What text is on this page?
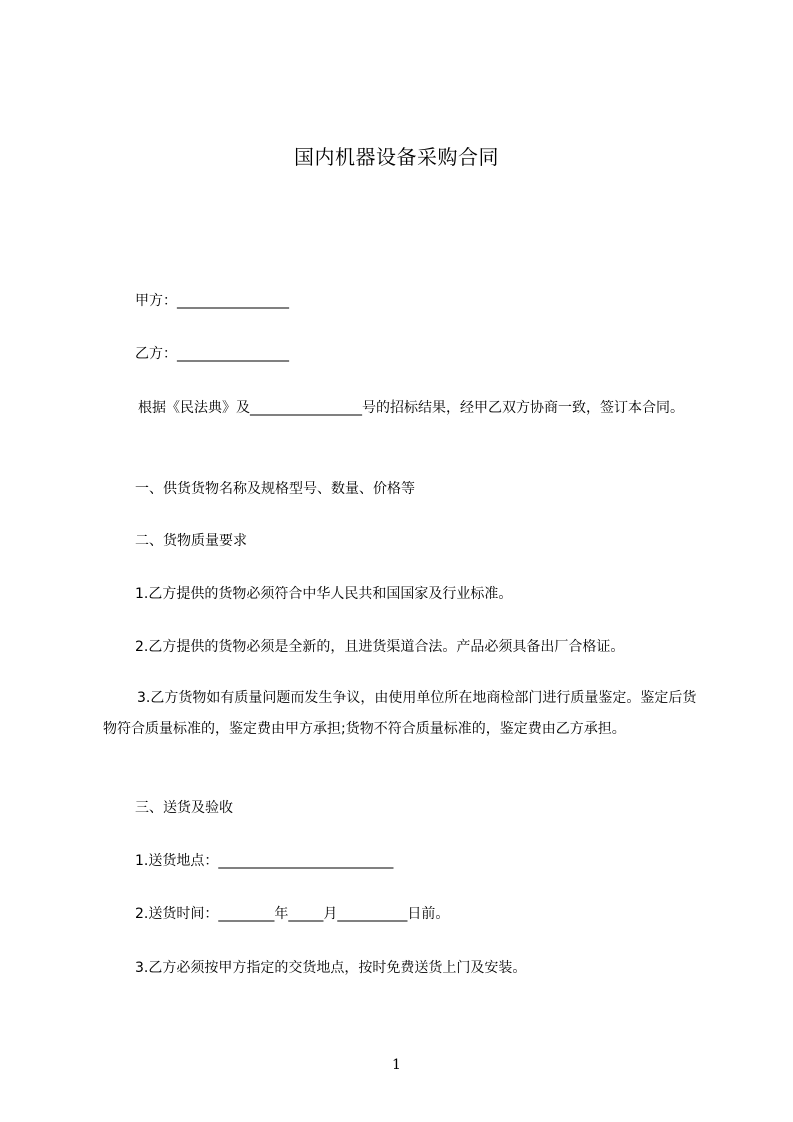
国内机器设备采购合同
甲方：________________
乙方：________________
根据《民法典》及________________号的招标结果，经甲乙双方协商一致，签订本合同。
一、供货货物名称及规格型号、数量、价格等
二、货物质量要求
1.乙方提供的货物必须符合中华人民共和国国家及行业标准。
2.乙方提供的货物必须是全新的，且进货渠道合法。产品必须具备出厂合格证。
3.乙方货物如有质量问题而发生争议，由使用单位所在地商检部门进行质量鉴定。鉴定后货物符合质量标准的，鉴定费由甲方承担;货物不符合质量标准的，鉴定费由乙方承担。
三、送货及验收
1.送货地点：_________________________
2.送货时间：________年_____月__________日前。
3.乙方必须按甲方指定的交货地点，按时免费送货上门及安装。
1
